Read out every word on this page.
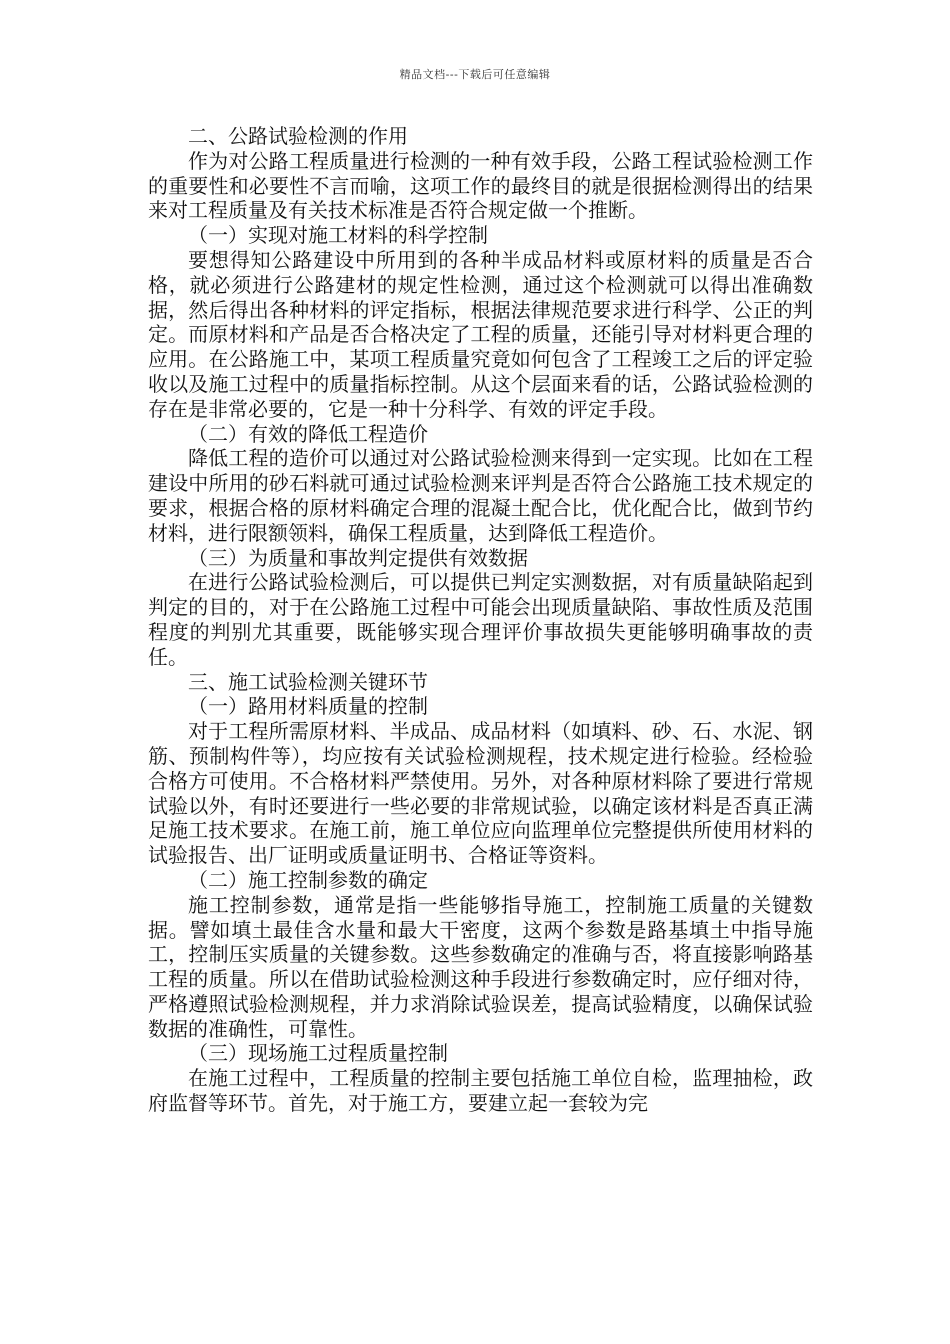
精品文档---下载后可任意编辑

二、公路试验检测的作用

作为对公路工程质量进行检测的一种有效手段，公路工程试验检测工作的重要性和必要性不言而喻，这项工作的最终目的就是很据检测得出的结果来对工程质量及有关技术标准是否符合规定做一个推断。

（一）实现对施工材料的科学控制

要想得知公路建设中所用到的各种半成品材料或原材料的质量是否合格，就必须进行公路建材的规定性检测，通过这个检测就可以得出准确数据，然后得出各种材料的评定指标，根据法律规范要求进行科学、公正的判定。而原材料和产品是否合格决定了工程的质量，还能引导对材料更合理的应用。在公路施工中，某项工程质量究竟如何包含了工程竣工之后的评定验收以及施工过程中的质量指标控制。从这个层面来看的话，公路试验检测的存在是非常必要的，它是一种十分科学、有效的评定手段。

（二）有效的降低工程造价

降低工程的造价可以通过对公路试验检测来得到一定实现。比如在工程建设中所用的砂石料就可通过试验检测来评判是否符合公路施工技术规定的要求，根据合格的原材料确定合理的混凝土配合比，优化配合比，做到节约材料，进行限额领料，确保工程质量，达到降低工程造价。

（三）为质量和事故判定提供有效数据

在进行公路试验检测后，可以提供已判定实测数据，对有质量缺陷起到判定的目的，对于在公路施工过程中可能会出现质量缺陷、事故性质及范围程度的判别尤其重要，既能够实现合理评价事故损失更能够明确事故的责任。

三、施工试验检测关键环节

（一）路用材料质量的控制

对于工程所需原材料、半成品、成品材料（如填料、砂、石、水泥、钢筋、预制构件等），均应按有关试验检测规程，技术规定进行检验。经检验合格方可使用。不合格材料严禁使用。另外，对各种原材料除了要进行常规试验以外，有时还要进行一些必要的非常规试验，以确定该材料是否真正满足施工技术要求。在施工前，施工单位应向监理单位完整提供所使用材料的试验报告、出厂证明或质量证明书、合格证等资料。

（二）施工控制参数的确定

施工控制参数，通常是指一些能够指导施工，控制施工质量的关键数据。譬如填土最佳含水量和最大干密度，这两个参数是路基填土中指导施工，控制压实质量的关键参数。这些参数确定的准确与否，将直接影响路基工程的质量。所以在借助试验检测这种手段进行参数确定时，应仔细对待，严格遵照试验检测规程，并力求消除试验误差，提高试验精度，以确保试验数据的准确性，可靠性。

（三）现场施工过程质量控制

在施工过程中，工程质量的控制主要包括施工单位自检，监理抽检，政府监督等环节。首先，对于施工方，要建立起一套较为完
